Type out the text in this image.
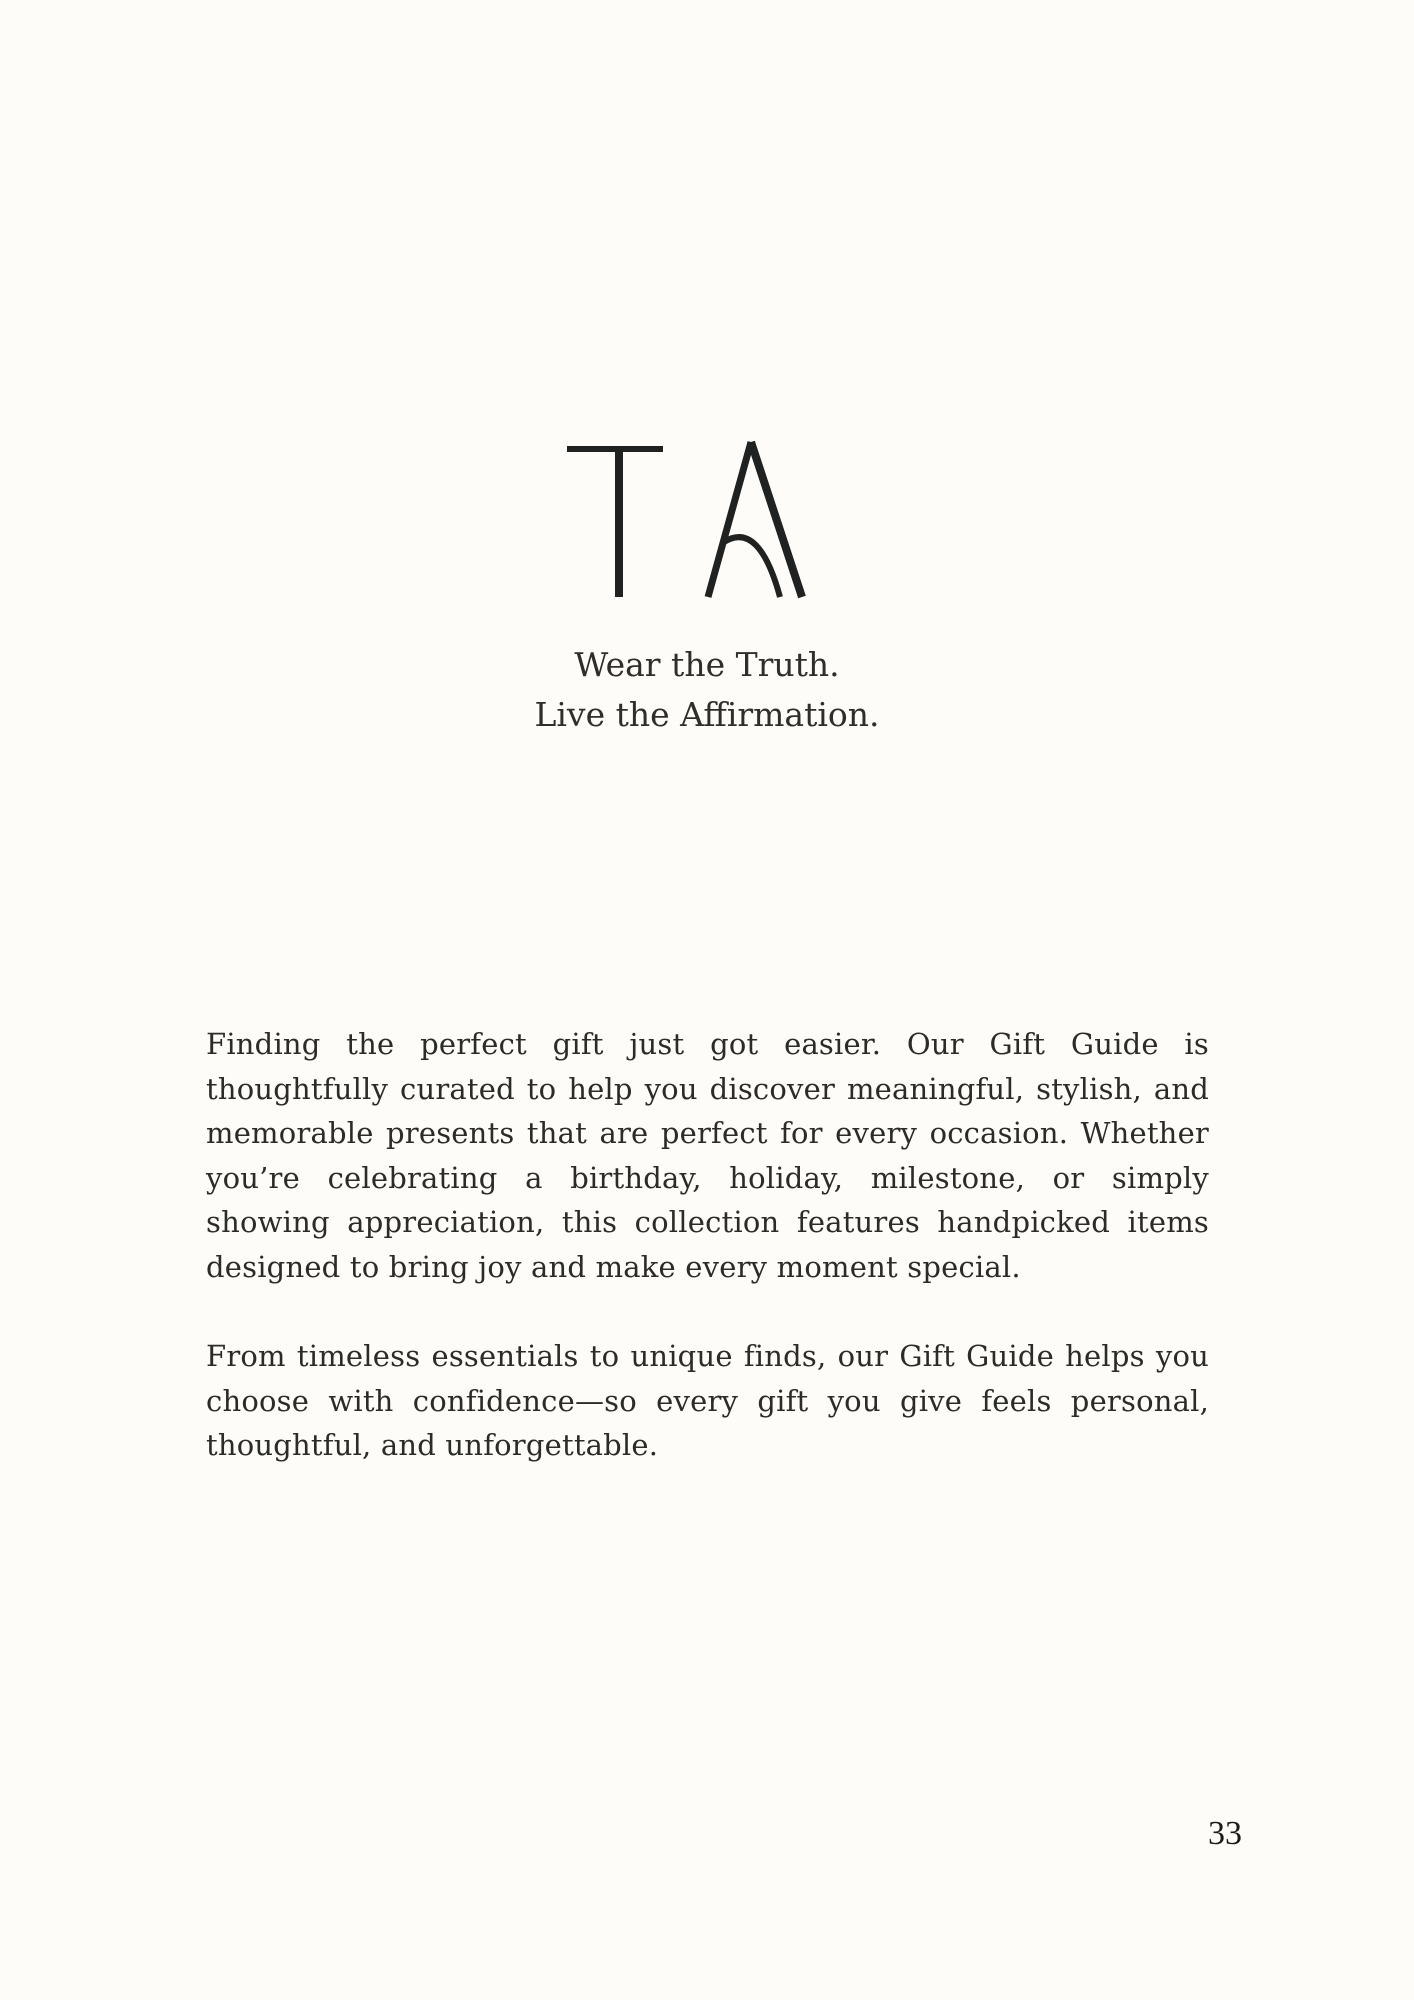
Wear the Truth.
Live the Affirmation.

Finding the perfect gift just got easier. Our Gift Guide is thoughtfully curated to help you discover meaningful, stylish, and memorable presents that are perfect for every occasion. Whether you’re celebrating a birthday, holiday, milestone, or simply showing appreciation, this collection features handpicked items designed to bring joy and make every moment special.

From timeless essentials to unique finds, our Gift Guide helps you choose with confidence—so every gift you give feels personal, thoughtful, and unforgettable.

33
